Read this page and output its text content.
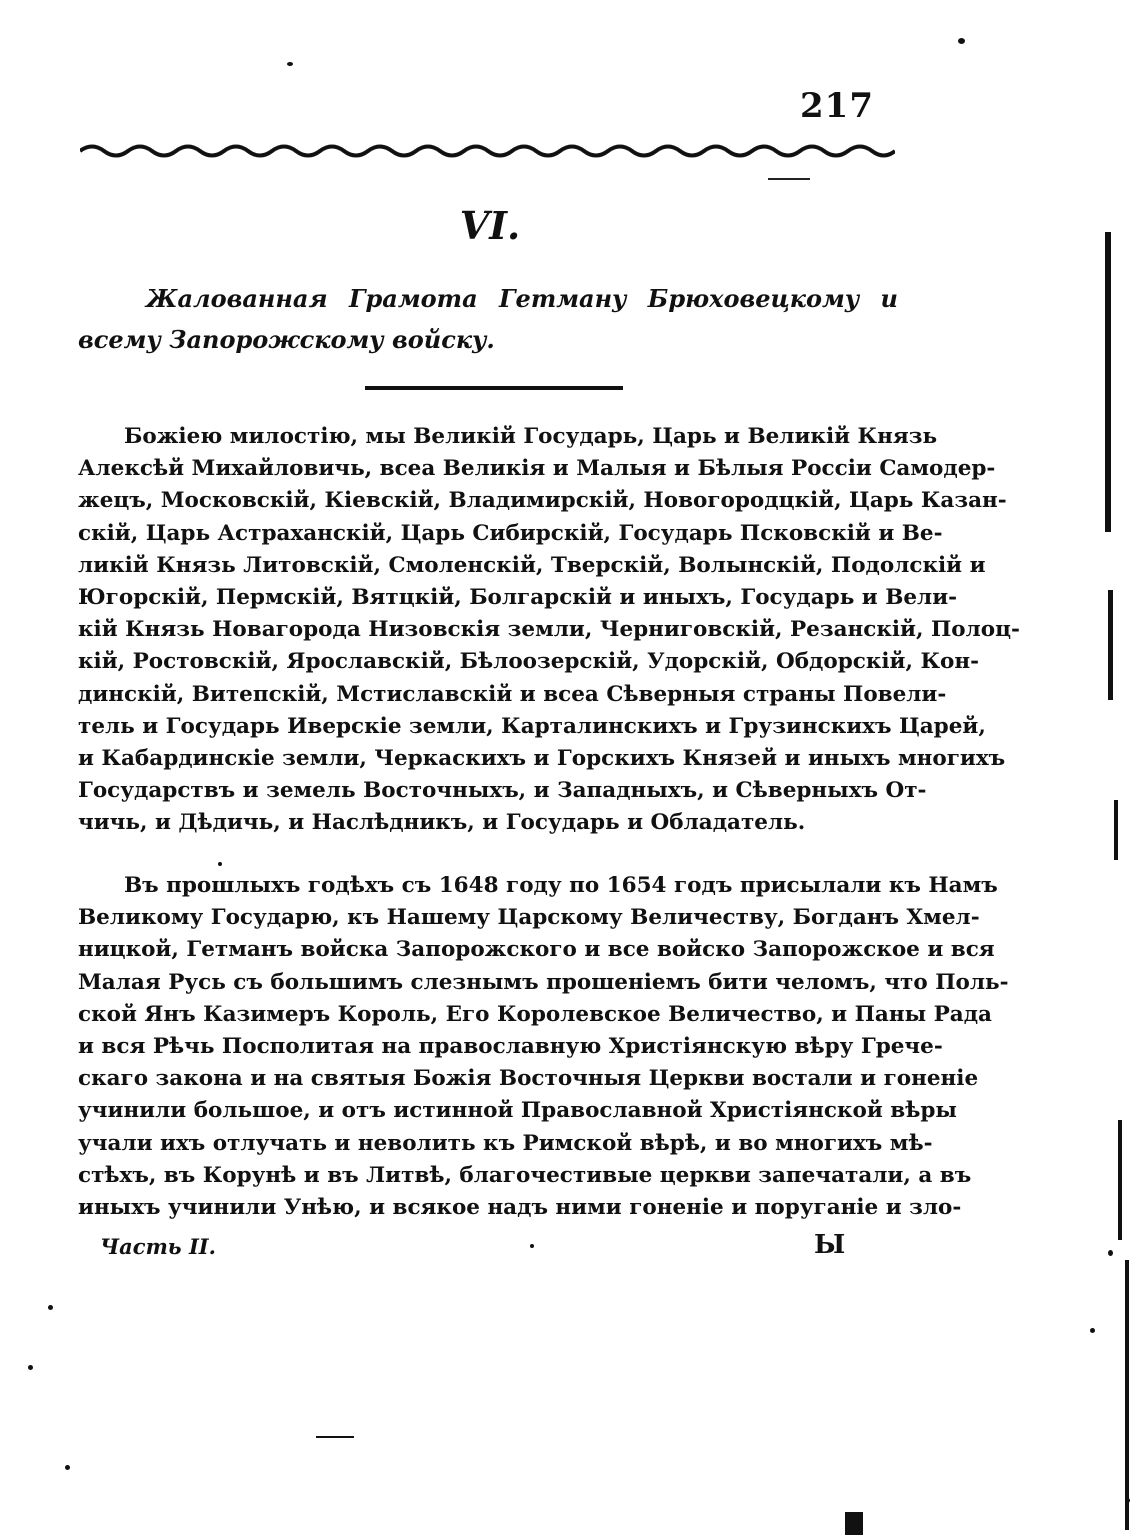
217
VI.
Жалованная Грамота Гетману Брюховецкому и всему Запорожскому войску.
Божiею милостiю, мы Великiй Государь, Царь и Великiй Князь
Алексѣй Михайловичь, всеа Великiя и Малыя и Бѣлыя Россiи Самодер-
жецъ, Московскiй, Кiевскiй, Владимирскiй, Новогородцкiй, Царь Казан-
скiй, Царь Астраханскiй, Царь Сибирскiй, Государь Псковскiй и Ве-
ликiй Князь Литовскiй, Смоленскiй, Тверскiй, Волынскiй, Подолскiй и
Югорскiй, Пермскiй, Вятцкiй, Болгарскiй и иныхъ, Государь и Вели-
кiй Князь Новагорода Низовскiя земли, Черниговскiй, Резанскiй, Полоц-
кiй, Ростовскiй, Ярославскiй, Бѣлоозерскiй, Удорскiй, Обдорскiй, Кон-
динскiй, Витепскiй, Мстиславскiй и всеа Сѣверныя страны Повели-
тель и Государь Иверскiе земли, Карталинскихъ и Грузинскихъ Царей,
и Кабардинскiе земли, Черкаскихъ и Горскихъ Князей и иныхъ многихъ
Государствъ и земель Восточныхъ, и Западныхъ, и Сѣверныхъ От-
чичь, и Дѣдичь, и Наслѣдникъ, и Государь и Обладатель.
Въ прошлыхъ годѣхъ съ 1648 году по 1654 годъ присылали къ Намъ
Великому Государю, къ Нашему Царскому Величеству, Богданъ Хмел-
ницкой, Гетманъ войска Запорожского и все войско Запорожское и вся
Малая Русь съ большимъ слезнымъ прошенiемъ бити челомъ, что Поль-
ской Янъ Казимеръ Король, Его Королевское Величество, и Паны Рада
и вся Рѣчь Посполитая на православную Христiянскую вѣру Грече-
скаго закона и на святыя Божiя Восточныя Церкви востали и гоненiе
учинили большое, и отъ истинной Православной Христiянской вѣры
учали ихъ отлучать и неволить къ Римской вѣрѣ, и во многихъ мѣ-
стѣхъ, въ Корунѣ и въ Литвѣ, благочестивые церкви запечатали, а въ
иныхъ учинили Унѣю, и всякое надъ ними гоненiе и поруганiе и зло-
Часть II.	Ы
